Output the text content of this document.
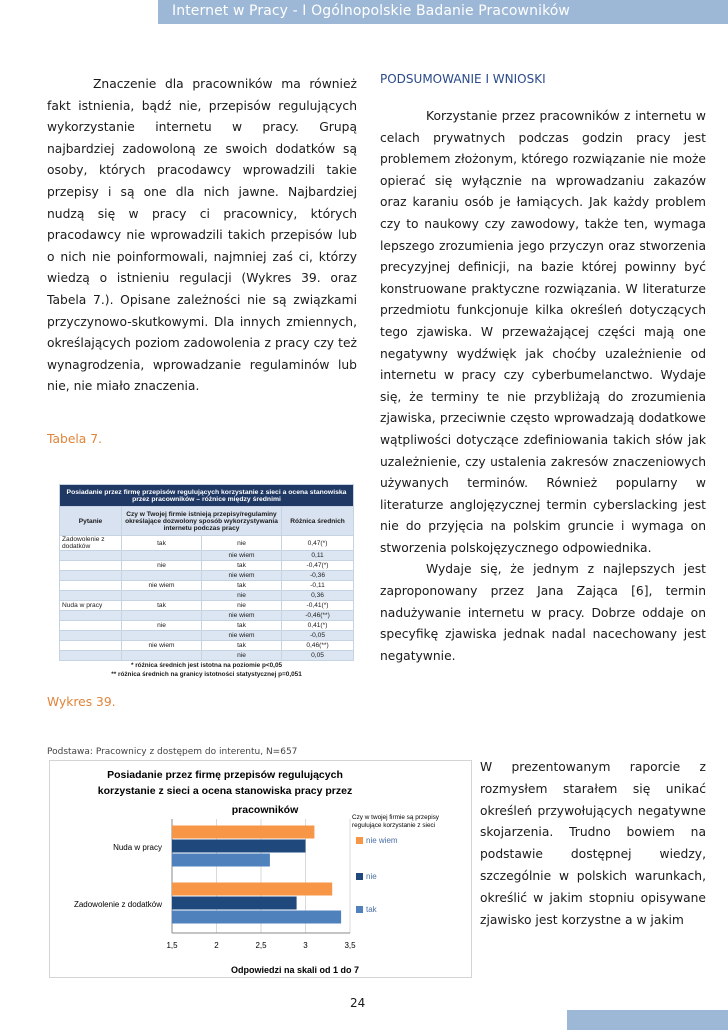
Internet w Pracy - I Ogólnopolskie Badanie Pracowników

Znaczenie dla pracowników ma również fakt istnienia, bądź nie, przepisów regulujących wykorzystanie internetu w pracy. Grupą najbardziej zadowoloną ze swoich dodatków są osoby, których pracodawcy wprowadzili takie przepisy i są one dla nich jawne. Najbardziej nudzą się w pracy ci pracownicy, których pracodawcy nie wprowadzili takich przepisów lub o nich nie poinformowali, najmniej zaś ci, którzy wiedzą o istnieniu regulacji (Wykres 39. oraz Tabela 7.). Opisane zależności nie są związkami przyczynowo-skutkowymi. Dla innych zmiennych, określających poziom zadowolenia z pracy czy też wynagrodzenia, wprowadzanie regulaminów lub nie, nie miało znaczenia.

Tabela 7.
Posiadanie przez firmę przepisów regulujących korzystanie z sieci a ocena stanowiska przez pracowników – różnice między średnimi			
Pytanie	Czy w Twojej firmie istnieją przepisy/regulaminy określające dozwolony sposób wykorzystywania internetu podczas pracy		Różnica średnich
Zadowolenie z dodatków	tak	nie	0,47(*)
		nie wiem	0,11
	nie	tak	-0,47(*)
		nie wiem	-0,36
	nie wiem	tak	-0,11
		nie	0,36
Nuda w pracy	tak	nie	-0,41(*)
		nie wiem	-0,46(**)
	nie	tak	0,41(*)
		nie wiem	-0,05
	nie wiem	tak	0,46(**)
		nie	0,05
* różnica średnich jest istotna na poziomie p<0,05			
** różnica średnich na granicy istotności statystycznej p=0,051			
Wykres 39.
Podstawa: Pracownicy z dostępem do interentu, N=657
Posiadanie przez firmę przepisów regulujących
korzystanie z sieci a ocena stanowiska pracy przez
pracowników
1,5	2	2,5	3	3,5
Nuda w pracy
Zadowolenie z dodatków
Czy w twojej firmie są przepisy
regulujące korzystanie z sieci
nie wiem
nie
tak
Odpowiedzi na skali od 1 do 7
PODSUMOWANIE I WNIOSKI

Korzystanie przez pracowników z internetu w celach prywatnych podczas godzin pracy jest problemem złożonym, którego rozwiązanie nie może opierać się wyłącznie na wprowadzaniu zakazów oraz karaniu osób je łamiących. Jak każdy problem czy to naukowy czy zawodowy, także ten, wymaga lepszego zrozumienia jego przyczyn oraz stworzenia precyzyjnej definicji, na bazie której powinny być konstruowane praktyczne rozwiązania. W literaturze przedmiotu funkcjonuje kilka określeń dotyczących tego zjawiska. W przeważającej części mają one negatywny wydźwięk jak choćby uzależnienie od internetu w pracy czy cyberbumelanctwo. Wydaje się, że terminy te nie przybliżają do zrozumienia zjawiska, przeciwnie często wprowadzają dodatkowe wątpliwości dotyczące zdefiniowania takich słów jak uzależnienie, czy ustalenia zakresów znaczeniowych używanych terminów. Również popularny w literaturze anglojęzycznej termin cyberslacking jest nie do przyjęcia na polskim gruncie i wymaga on stworzenia polskojęzycznego odpowiednika.

Wydaje się, że jednym z najlepszych jest zaproponowany przez Jana Zająca [6], termin nadużywanie internetu w pracy. Dobrze oddaje on specyfikę zjawiska jednak nadal nacechowany jest negatywnie.

W prezentowanym raporcie z rozmysłem starałem się unikać określeń przywołujących negatywne skojarzenia. Trudno bowiem na podstawie dostępnej wiedzy, szczególnie w polskich warunkach, określić w jakim stopniu opisywane zjawisko jest korzystne a w jakim

24
